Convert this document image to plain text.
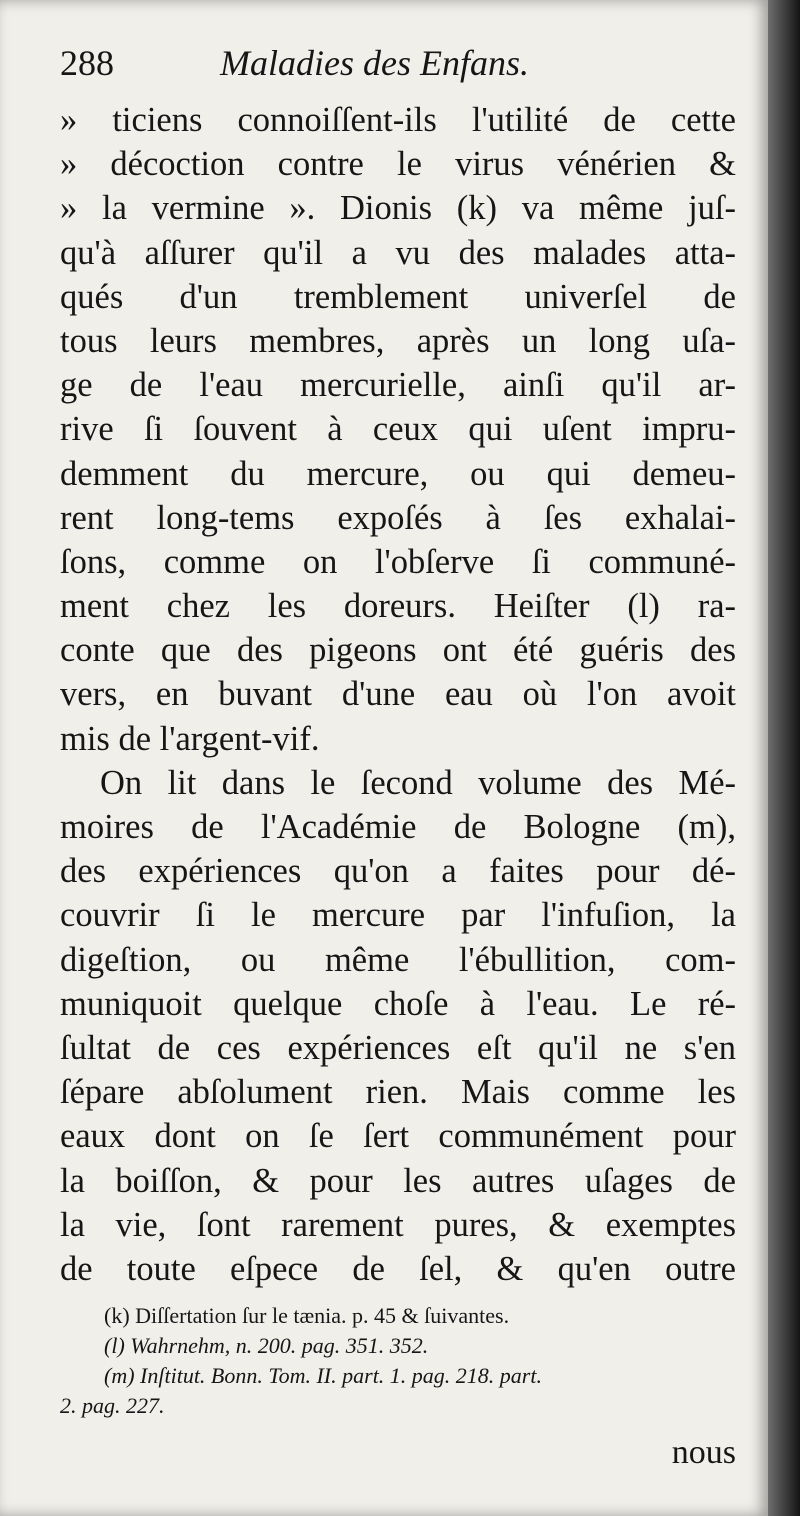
288	Maladies des Enfans.
» ticiens connoiſſent-ils l'utilité de cette
» décoction contre le virus vénérien &
» la vermine ». Dionis (k) va même juſ-
qu'à aſſurer qu'il a vu des malades atta-
qués d'un tremblement univerſel de
tous leurs membres, après un long uſa-
ge de l'eau mercurielle, ainſi qu'il ar-
rive ſi ſouvent à ceux qui uſent impru-
demment du mercure, ou qui demeu-
rent long-tems expoſés à ſes exhalai-
ſons, comme on l'obſerve ſi communé-
ment chez les doreurs. Heiſter (l) ra-
conte que des pigeons ont été guéris des
vers, en buvant d'une eau où l'on avoit
mis de l'argent-vif.
On lit dans le ſecond volume des Mé-
moires de l'Académie de Bologne (m),
des expériences qu'on a faites pour dé-
couvrir ſi le mercure par l'infuſion, la
digeſtion, ou même l'ébullition, com-
muniquoit quelque choſe à l'eau. Le ré-
ſultat de ces expériences eſt qu'il ne s'en
ſépare abſolument rien. Mais comme les
eaux dont on ſe ſert communément pour
la boiſſon, & pour les autres uſages de
la vie, ſont rarement pures, & exemptes
de toute eſpece de ſel, & qu'en outre
(k) Diſſertation ſur le tænia. p. 45 & ſuivantes.
(l) Wahrnehm, n. 200. pag. 351. 352.
(m) Inſtitut. Bonn. Tom. II. part. 1. pag. 218. part.
2. pag. 227.
nous
